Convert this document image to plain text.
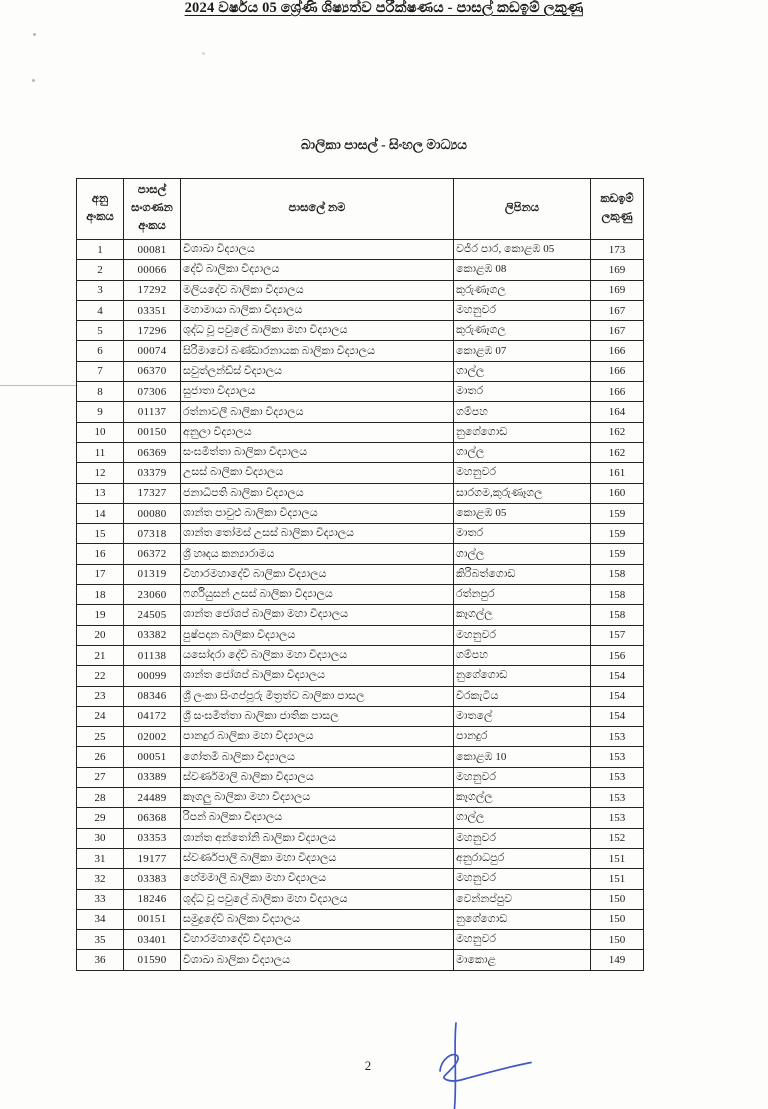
2024 වර්ෂය 05 ශ්‍රේණි ශිෂ්‍යත්ව පරීක්ෂණය - පාසල් කඩඉම් ලකුණු
බාලිකා පාසල් - සිංහල මාධ්‍යය
අනු අංකය	පාසල් සංගණන අංකය	පාසලේ නම	ලිපිනය	කඩඉම් ලකුණු
1	00081	විශාඛා විද්‍යාලය	වජිර පාර, කොළඹ 05	173
2	00066	දේවි බාලිකා විද්‍යාලය	කොළඹ 08	169
3	17292	මලියදේව බාලිකා විද්‍යාලය	කුරුණෑගල	169
4	03351	මහාමායා බාලිකා විද්‍යාලය	මහනුවර	167
5	17296	ශුද්ධ වූ පවුලේ බාලිකා මහා විද්‍යාලය	කුරුණෑගල	167
6	00074	සිරිමාවෝ බණ්ඩාරනායක බාලිකා විද්‍යාලය	කොළඹ 07	166
7	06370	සවුත්ලන්ඩ්ස් විද්‍යාලය	ගාල්ල	166
8	07306	සුජාතා විද්‍යාලය	මාතර	166
9	01137	රත්නාවලී බාලිකා විද්‍යාලය	ගම්පහ	164
10	00150	අනුලා විද්‍යාලය	නුගේගොඩ	162
11	06369	සංඝමිත්තා බාලිකා විද්‍යාලය	ගාල්ල	162
12	03379	උසස් බාලිකා විද්‍යාලය	මහනුවර	161
13	17327	ජනාධිපති බාලිකා විද්‍යාලය	සාරගම,කුරුණෑගල	160
14	00080	ශාන්ත පාවුළු බාලිකා විද්‍යාලය	කොළඹ 05	159
15	07318	ශාන්ත තෝමස් උසස් බාලිකා විද්‍යාලය	මාතර	159
16	06372	ශ්‍රී හෘදය කන්‍යාරාමය	ගාල්ල	159
17	01319	විහාරමහාදේවි බාලිකා විද්‍යාලය	කිරිබත්ගොඩ	158
18	23060	ෆර්ගියුසන් උසස් බාලිකා විද්‍යාලය	රත්නපුර	158
19	24505	ශාන්ත ජෝශප් බාලිකා මහා විද්‍යාලය	කෑගල්ල	158
20	03382	පුෂ්පදාන බාලිකා විද්‍යාලය	මහනුවර	157
21	01138	යසෝදරා දේවි බාලිකා මහා විද්‍යාලය	ගම්පහ	156
22	00099	ශාන්ත ජෝශප් බාලිකා විද්‍යාලය	නුගේගොඩ	154
23	08346	ශ්‍රී ලංකා සිංගප්පූරු මිත්‍රත්ව බාලිකා පාසල	වීරකැටිය	154
24	04172	ශ්‍රී සංඝමිත්තා බාලිකා ජාතික පාසල	මාතලේ	154
25	02002	පානදුර බාලිකා මහා විද්‍යාලය	පානදුර	153
26	00051	ගෝතමී බාලිකා විද්‍යාලය	කොළඹ 10	153
27	03389	ස්වර්ණමාලි බාලිකා විද්‍යාලය	මහනුවර	153
28	24489	කෑගලු බාලිකා මහා විද්‍යාලය	කෑගල්ල	153
29	06368	රිපන් බාලිකා විද්‍යාලය	ගාල්ල	153
30	03353	ශාන්ත අන්තෝනි බාලිකා විද්‍යාලය	මහනුවර	152
31	19177	ස්වර්ණපාලි බාලිකා මහා විද්‍යාලය	අනුරාධපුර	151
32	03383	හේමමාලි බාලිකා මහා විද්‍යාලය	මහනුවර	151
33	18246	ශුද්ධ වූ පවුලේ බාලිකා මහා විද්‍යාලය	වෙන්නප්පුව	150
34	00151	සමුද්‍රදේවි බාලිකා විද්‍යාලය	නුගේගොඩ	150
35	03401	විහාරමහාදේවි විද්‍යාලය	මහනුවර	150
36	01590	විශාඛා බාලිකා විද්‍යාලය	මාකොළ	149
2
